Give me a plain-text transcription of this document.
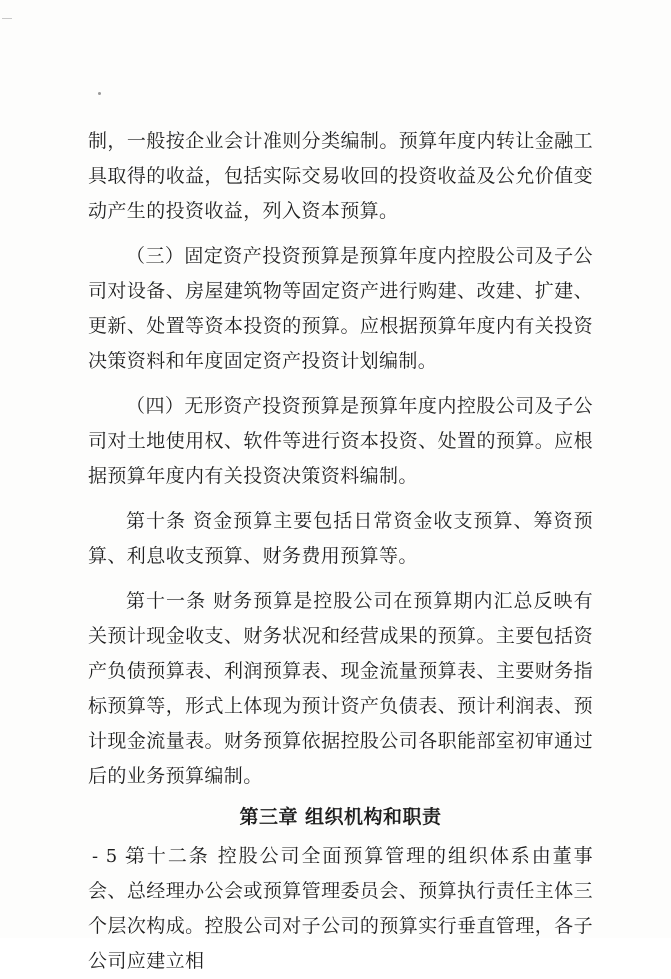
制，一般按企业会计准则分类编制。预算年度内转让金融工具取得的收益，包括实际交易收回的投资收益及公允价值变动产生的投资收益，列入资本预算。

（三）固定资产投资预算是预算年度内控股公司及子公司对设备、房屋建筑物等固定资产进行购建、改建、扩建、更新、处置等资本投资的预算。应根据预算年度内有关投资决策资料和年度固定资产投资计划编制。

（四）无形资产投资预算是预算年度内控股公司及子公司对土地使用权、软件等进行资本投资、处置的预算。应根据预算年度内有关投资决策资料编制。

第十条 资金预算主要包括日常资金收支预算、筹资预算、利息收支预算、财务费用预算等。

第十一条 财务预算是控股公司在预算期内汇总反映有关预计现金收支、财务状况和经营成果的预算。主要包括资产负债预算表、利润预算表、现金流量预算表、主要财务指标预算等，形式上体现为预计资产负债表、预计利润表、预计现金流量表。财务预算依据控股公司各职能部室初审通过后的业务预算编制。

第三章 组织机构和职责

第十二条 控股公司全面预算管理的组织体系由董事会、总经理办公会或预算管理委员会、预算执行责任主体三个层次构成。控股公司对子公司的预算实行垂直管理，各子公司应建立相

- 5 -
